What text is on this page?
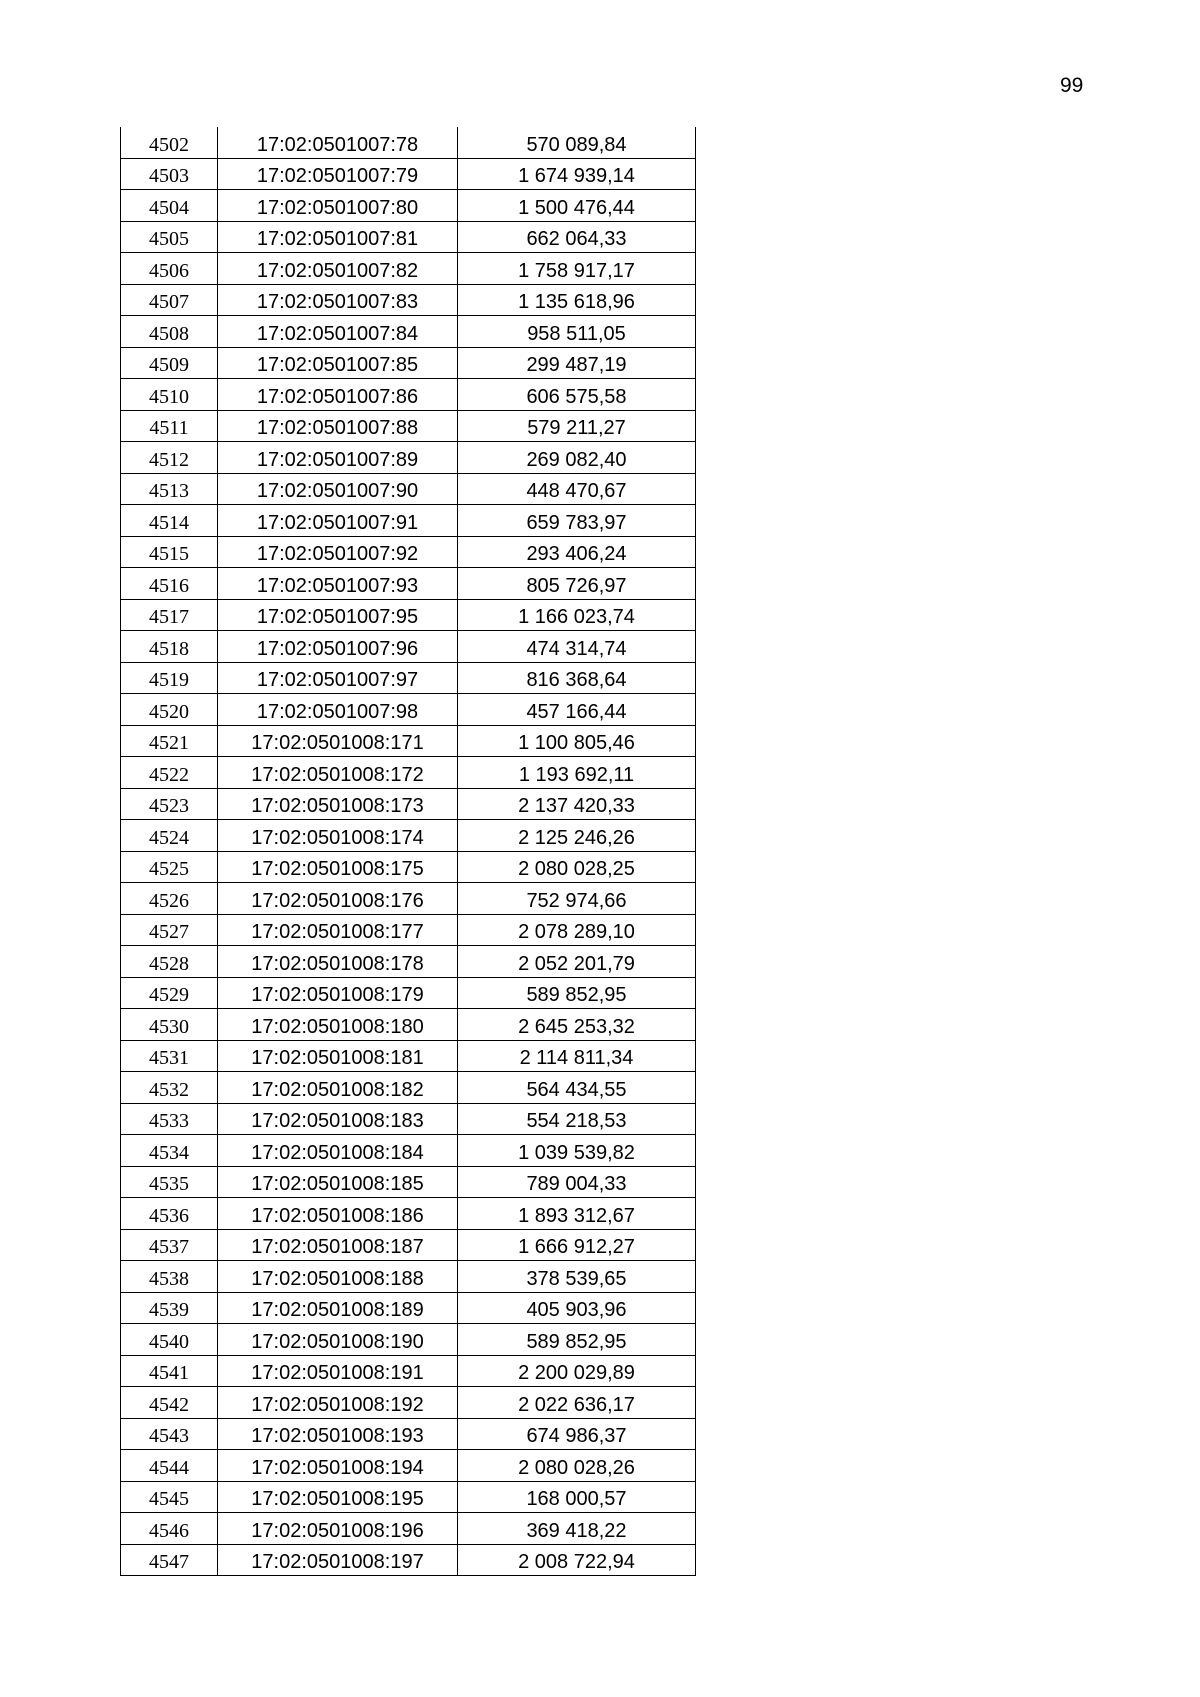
99
4502	17:02:0501007:78	570 089,84
4503	17:02:0501007:79	1 674 939,14
4504	17:02:0501007:80	1 500 476,44
4505	17:02:0501007:81	662 064,33
4506	17:02:0501007:82	1 758 917,17
4507	17:02:0501007:83	1 135 618,96
4508	17:02:0501007:84	958 511,05
4509	17:02:0501007:85	299 487,19
4510	17:02:0501007:86	606 575,58
4511	17:02:0501007:88	579 211,27
4512	17:02:0501007:89	269 082,40
4513	17:02:0501007:90	448 470,67
4514	17:02:0501007:91	659 783,97
4515	17:02:0501007:92	293 406,24
4516	17:02:0501007:93	805 726,97
4517	17:02:0501007:95	1 166 023,74
4518	17:02:0501007:96	474 314,74
4519	17:02:0501007:97	816 368,64
4520	17:02:0501007:98	457 166,44
4521	17:02:0501008:171	1 100 805,46
4522	17:02:0501008:172	1 193 692,11
4523	17:02:0501008:173	2 137 420,33
4524	17:02:0501008:174	2 125 246,26
4525	17:02:0501008:175	2 080 028,25
4526	17:02:0501008:176	752 974,66
4527	17:02:0501008:177	2 078 289,10
4528	17:02:0501008:178	2 052 201,79
4529	17:02:0501008:179	589 852,95
4530	17:02:0501008:180	2 645 253,32
4531	17:02:0501008:181	2 114 811,34
4532	17:02:0501008:182	564 434,55
4533	17:02:0501008:183	554 218,53
4534	17:02:0501008:184	1 039 539,82
4535	17:02:0501008:185	789 004,33
4536	17:02:0501008:186	1 893 312,67
4537	17:02:0501008:187	1 666 912,27
4538	17:02:0501008:188	378 539,65
4539	17:02:0501008:189	405 903,96
4540	17:02:0501008:190	589 852,95
4541	17:02:0501008:191	2 200 029,89
4542	17:02:0501008:192	2 022 636,17
4543	17:02:0501008:193	674 986,37
4544	17:02:0501008:194	2 080 028,26
4545	17:02:0501008:195	168 000,57
4546	17:02:0501008:196	369 418,22
4547	17:02:0501008:197	2 008 722,94
